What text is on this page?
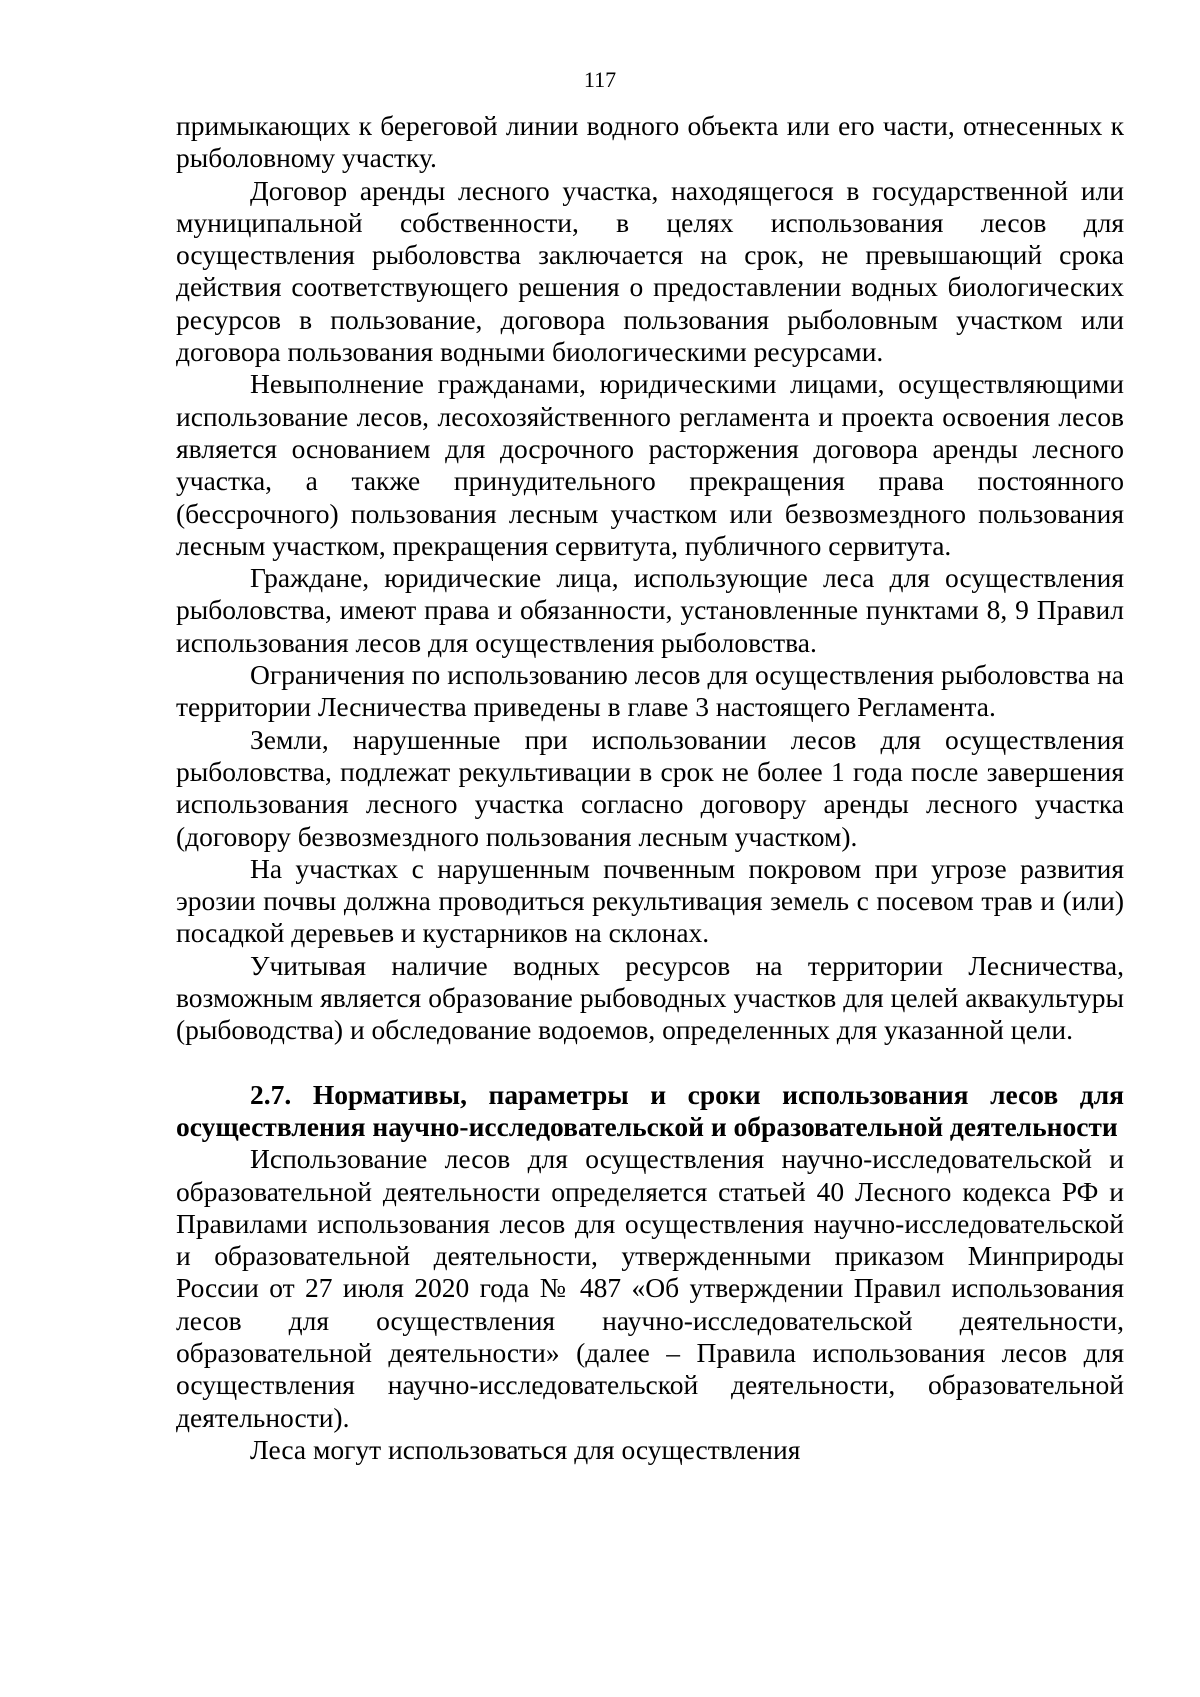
117

примыкающих к береговой линии водного объекта или его части, отнесенных к рыболовному участку.

Договор аренды лесного участка, находящегося в государственной или муниципальной собственности, в целях использования лесов для осуществления рыболовства заключается на срок, не превышающий срока действия соответствующего решения о предоставлении водных биологических ресурсов в пользование, договора пользования рыболовным участком или договора пользования водными биологическими ресурсами.

Невыполнение гражданами, юридическими лицами, осуществляющими использование лесов, лесохозяйственного регламента и проекта освоения лесов является основанием для досрочного расторжения договора аренды лесного участка, а также принудительного прекращения права постоянного (бессрочного) пользования лесным участком или безвозмездного пользования лесным участком, прекращения сервитута, публичного сервитута.

Граждане, юридические лица, использующие леса для осуществления рыболовства, имеют права и обязанности, установленные пунктами 8, 9 Правил использования лесов для осуществления рыболовства.

Ограничения по использованию лесов для осуществления рыболовства на территории Лесничества приведены в главе 3 настоящего Регламента.

Земли, нарушенные при использовании лесов для осуществления рыболовства, подлежат рекультивации в срок не более 1 года после завершения использования лесного участка согласно договору аренды лесного участка (договору безвозмездного пользования лесным участком).

На участках с нарушенным почвенным покровом при угрозе развития эрозии почвы должна проводиться рекультивация земель с посевом трав и (или) посадкой деревьев и кустарников на склонах.

Учитывая наличие водных ресурсов на территории Лесничества, возможным является образование рыбоводных участков для целей аквакультуры (рыбоводства) и обследование водоемов, определенных для указанной цели.

2.7. Нормативы, параметры и сроки использования лесов для осуществления научно-исследовательской и образовательной деятельности

Использование лесов для осуществления научно-исследовательской и образовательной деятельности определяется статьей 40 Лесного кодекса РФ и Правилами использования лесов для осуществления научно-исследовательской и образовательной деятельности, утвержденными приказом Минприроды России от 27 июля 2020 года № 487 «Об утверждении Правил использования лесов для осуществления научно-исследовательской деятельности, образовательной деятельности» (далее – Правила использования лесов для осуществления научно-исследовательской деятельности, образовательной деятельности).

Леса могут использоваться для осуществления
